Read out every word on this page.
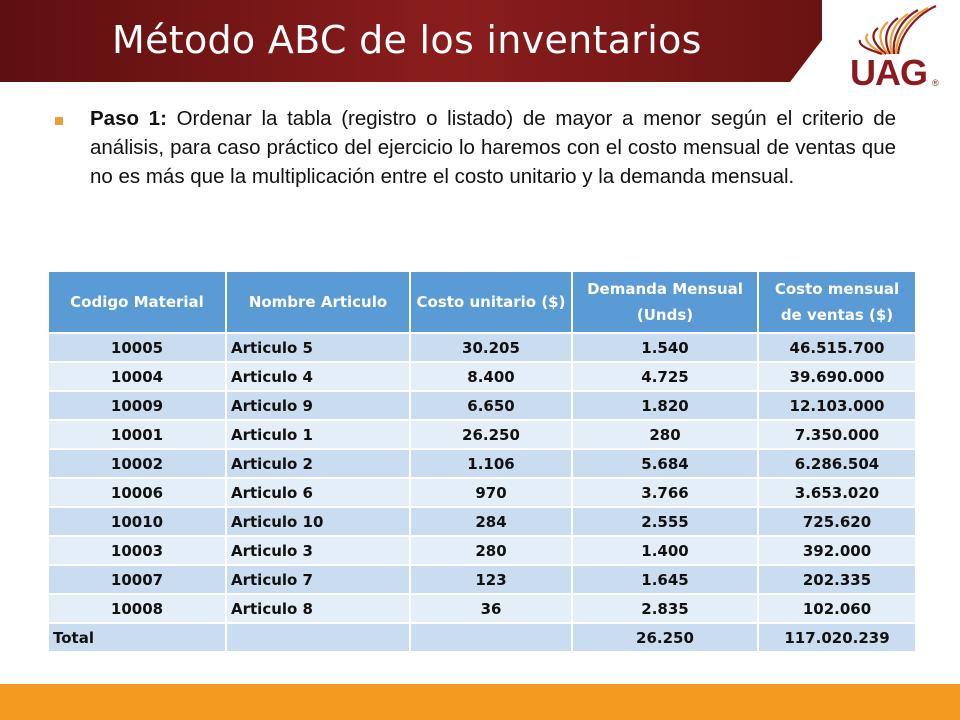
Método ABC de los inventarios
UAG ®
Paso 1: Ordenar la tabla (registro o listado) de mayor a menor según el criterio de análisis, para caso práctico del ejercicio lo haremos con el costo mensual de ventas que no es más que la multiplicación entre el costo unitario y la demanda mensual.
Codigo Material	Nombre Articulo	Costo unitario ($)	Demanda Mensual (Unds)	Costo mensual de ventas ($)
10005	Articulo 5	30.205	1.540	46.515.700
10004	Articulo 4	8.400	4.725	39.690.000
10009	Articulo 9	6.650	1.820	12.103.000
10001	Articulo 1	26.250	280	7.350.000
10002	Articulo 2	1.106	5.684	6.286.504
10006	Articulo 6	970	3.766	3.653.020
10010	Articulo 10	284	2.555	725.620
10003	Articulo 3	280	1.400	392.000
10007	Articulo 7	123	1.645	202.335
10008	Articulo 8	36	2.835	102.060
Total			26.250	117.020.239
